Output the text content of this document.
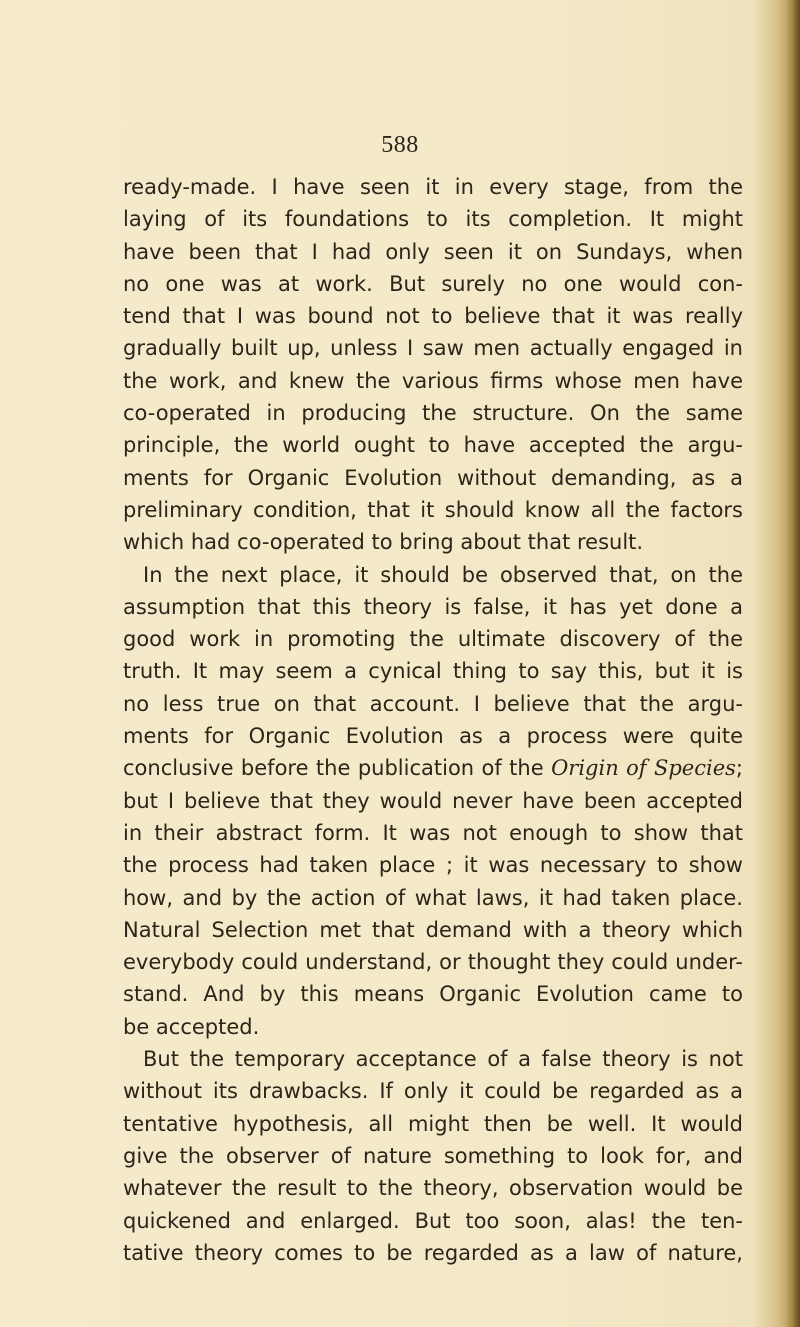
588
ready-made. I have seen it in every stage, from the
laying of its foundations to its completion. It might
have been that I had only seen it on Sundays, when
no one was at work. But surely no one would con-
tend that I was bound not to believe that it was really
gradually built up, unless I saw men actually engaged in
the work, and knew the various firms whose men have
co-operated in producing the structure. On the same
principle, the world ought to have accepted the argu-
ments for Organic Evolution without demanding, as a
preliminary condition, that it should know all the factors
which had co-operated to bring about that result.
In the next place, it should be observed that, on the
assumption that this theory is false, it has yet done a
good work in promoting the ultimate discovery of the
truth. It may seem a cynical thing to say this, but it is
no less true on that account. I believe that the argu-
ments for Organic Evolution as a process were quite
conclusive before the publication of the Origin of Species;
but I believe that they would never have been accepted
in their abstract form. It was not enough to show that
the process had taken place ; it was necessary to show
how, and by the action of what laws, it had taken place.
Natural Selection met that demand with a theory which
everybody could understand, or thought they could under-
stand. And by this means Organic Evolution came to
be accepted.
But the temporary acceptance of a false theory is not
without its drawbacks. If only it could be regarded as a
tentative hypothesis, all might then be well. It would
give the observer of nature something to look for, and
whatever the result to the theory, observation would be
quickened and enlarged. But too soon, alas! the ten-
tative theory comes to be regarded as a law of nature,
